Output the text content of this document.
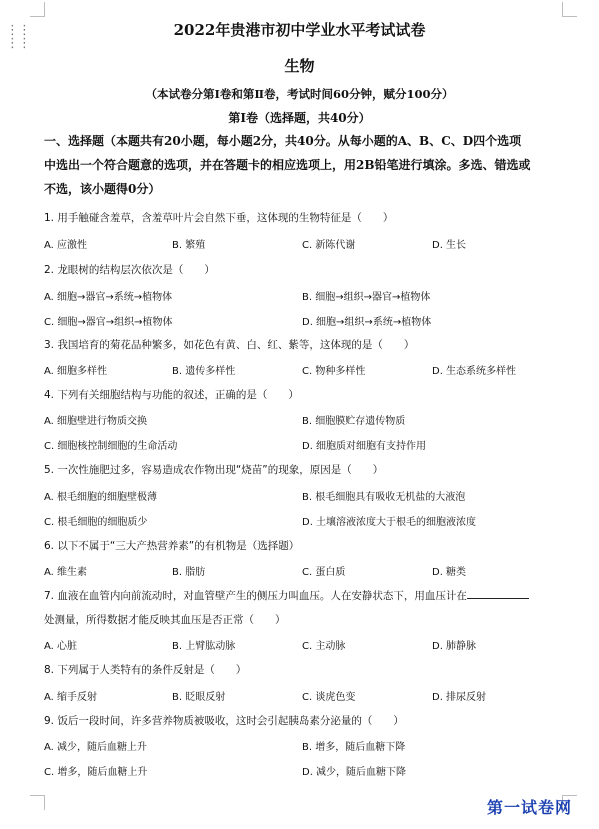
⋮⋮
⋮⋮
2022年贵港市初中学业水平考试试卷
生物
（本试卷分第Ⅰ卷和第Ⅱ卷，考试时间60分钟，赋分100分）
第Ⅰ卷（选择题，共40分）
一、选择题（本题共有20小题，每小题2分，共40分。从每小题的A、B、C、D四个选项
中选出一个符合题意的选项，并在答题卡的相应选项上，用2B铅笔进行填涂。多选、错选或
不选，该小题得0分）
1. 用手触碰含羞草，含羞草叶片会自然下垂，这体现的生物特征是（　　）
A. 应激性	B. 繁殖	C. 新陈代谢	D. 生长
2. 龙眼树的结构层次依次是（　　）
A. 细胞→器官→系统→植物体	B. 细胞→组织→器官→植物体
C. 细胞→器官→组织→植物体	D. 细胞→组织→系统→植物体
3. 我国培育的菊花品种繁多，如花色有黄、白、红、紫等，这体现的是（　　）
A. 细胞多样性	B. 遗传多样性	C. 物种多样性	D. 生态系统多样性
4. 下列有关细胞结构与功能的叙述，正确的是（　　）
A. 细胞壁进行物质交换	B. 细胞膜贮存遗传物质
C. 细胞核控制细胞的生命活动	D. 细胞质对细胞有支持作用
5. 一次性施肥过多，容易造成农作物出现“烧苗”的现象，原因是（　　）
A. 根毛细胞的细胞壁极薄	B. 根毛细胞具有吸收无机盐的大液泡
C. 根毛细胞的细胞质少	D. 土壤溶液浓度大于根毛的细胞液浓度
6. 以下不属于“三大产热营养素”的有机物是（选择题）
A. 维生素	B. 脂肪	C. 蛋白质	D. 糖类
7. 血液在血管内向前流动时，对血管壁产生的侧压力叫血压。人在安静状态下，用血压计在
处测量，所得数据才能反映其血压是否正常（　　）
A. 心脏	B. 上臂肱动脉	C. 主动脉	D. 肺静脉
8. 下列属于人类特有的条件反射是（　　）
A. 缩手反射	B. 眨眼反射	C. 谈虎色变	D. 排尿反射
9. 饭后一段时间，许多营养物质被吸收，这时会引起胰岛素分泌量的（　　）
A. 减少，随后血糖上升	B. 增多，随后血糖下降
C. 增多，随后血糖上升	D. 减少，随后血糖下降
第一试卷网
